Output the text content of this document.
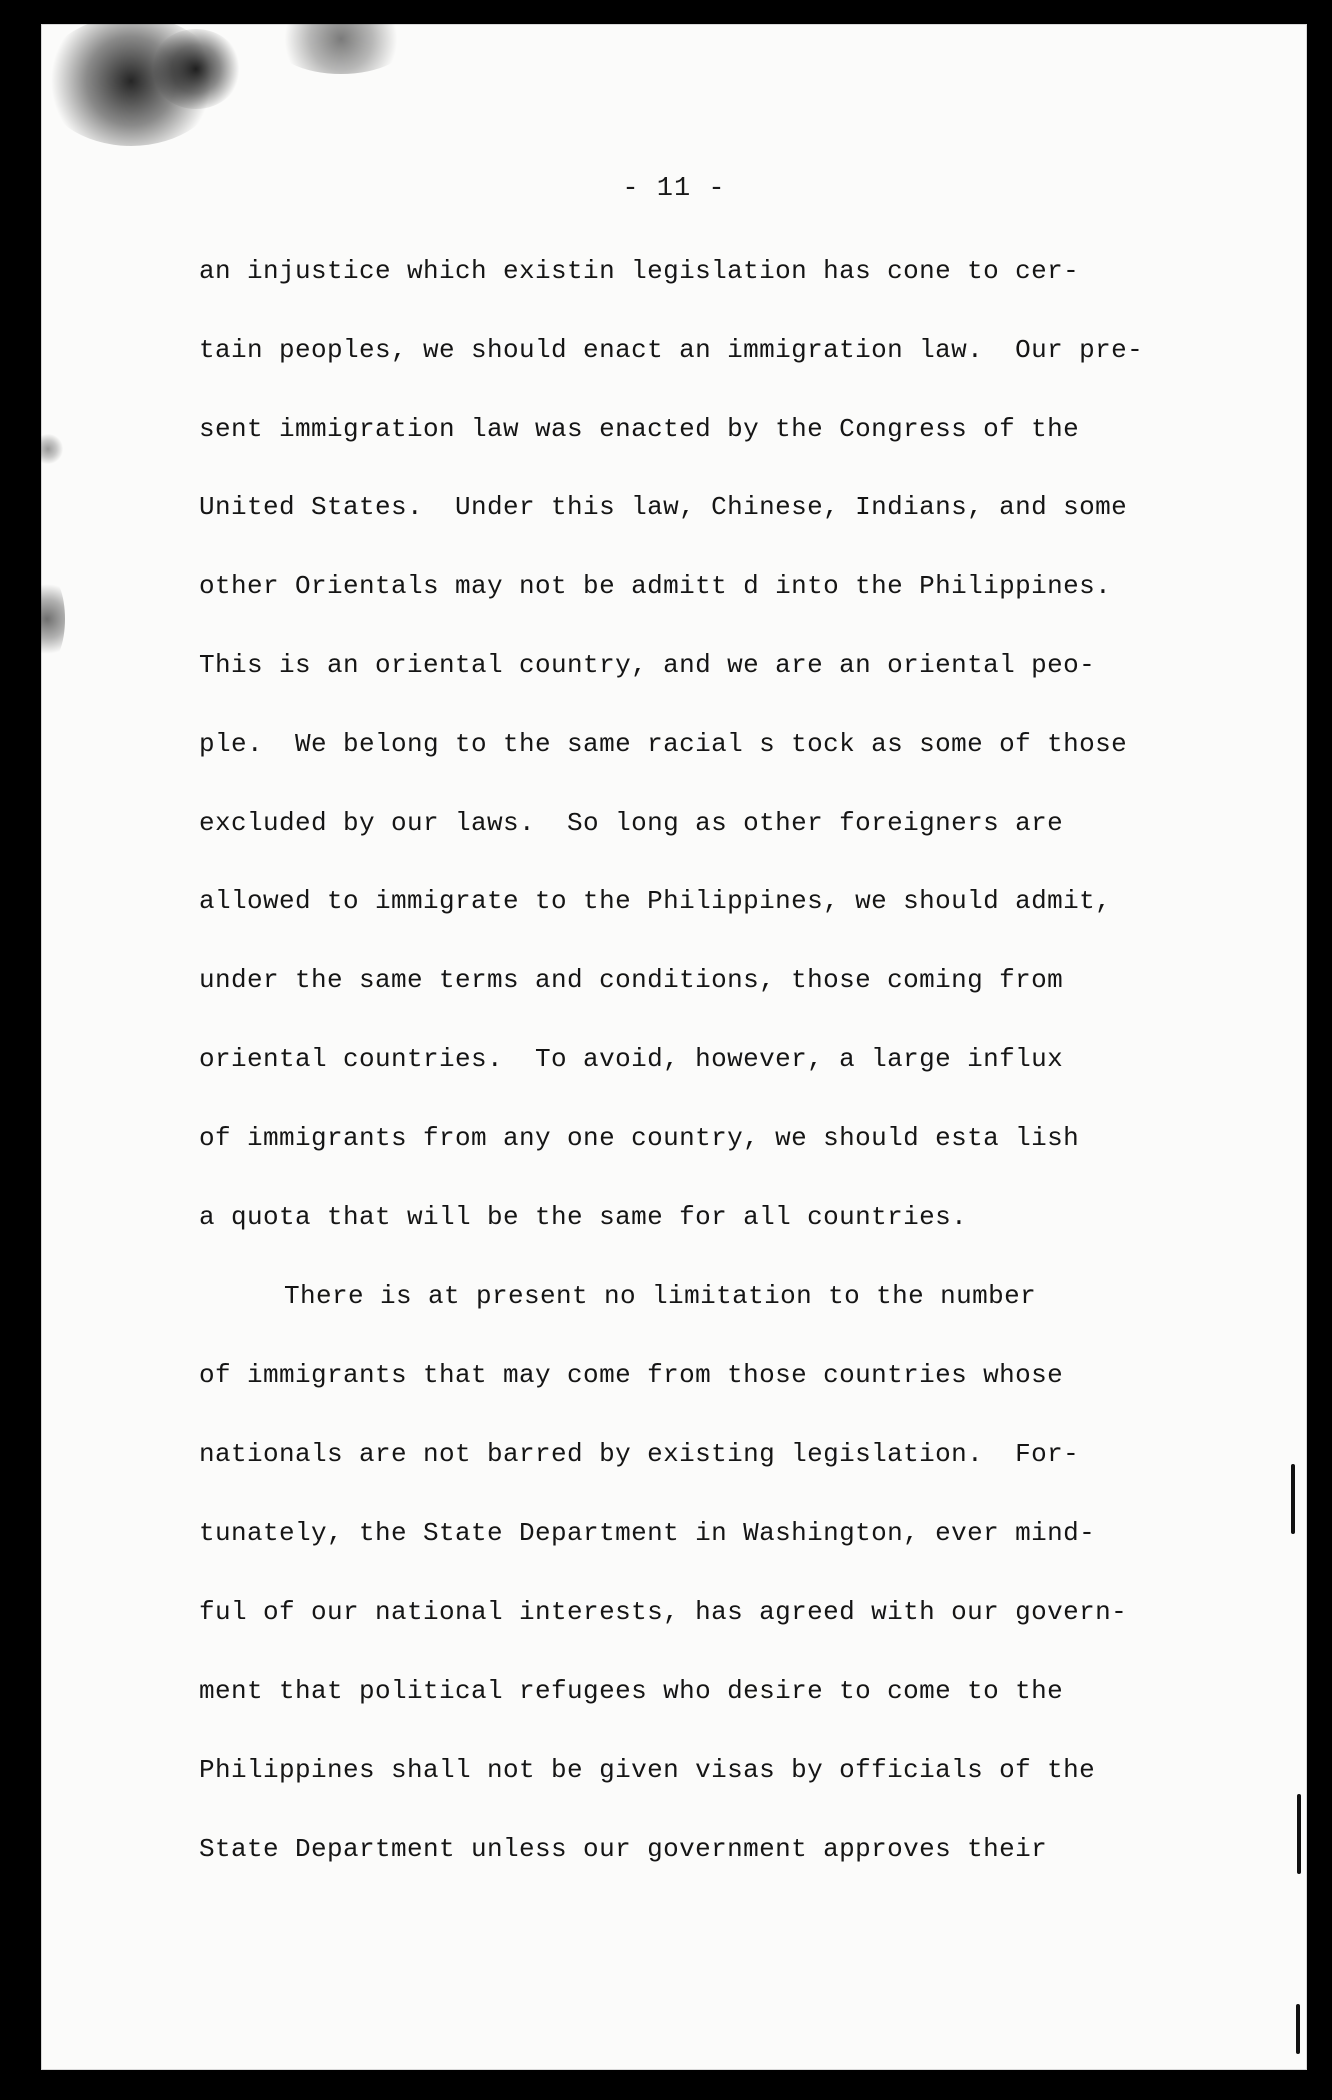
- 11 -

an injustice which existin legislation has cone to cer-

tain peoples, we should enact an immigration law.  Our pre-

sent immigration law was enacted by the Congress of the

United States.  Under this law, Chinese, Indians, and some

other Orientals may not be admitt d into the Philippines.

This is an oriental country, and we are an oriental peo-

ple.  We belong to the same racial s tock as some of those

excluded by our laws.  So long as other foreigners are

allowed to immigrate to the Philippines, we should admit,

under the same terms and conditions, those coming from

oriental countries.  To avoid, however, a large influx

of immigrants from any one country, we should esta lish

a quota that will be the same for all countries.

There is at present no limitation to the number

of immigrants that may come from those countries whose

nationals are not barred by existing legislation.  For-

tunately, the State Department in Washington, ever mind-

ful of our national interests, has agreed with our govern-

ment that political refugees who desire to come to the

Philippines shall not be given visas by officials of the

State Department unless our government approves their
